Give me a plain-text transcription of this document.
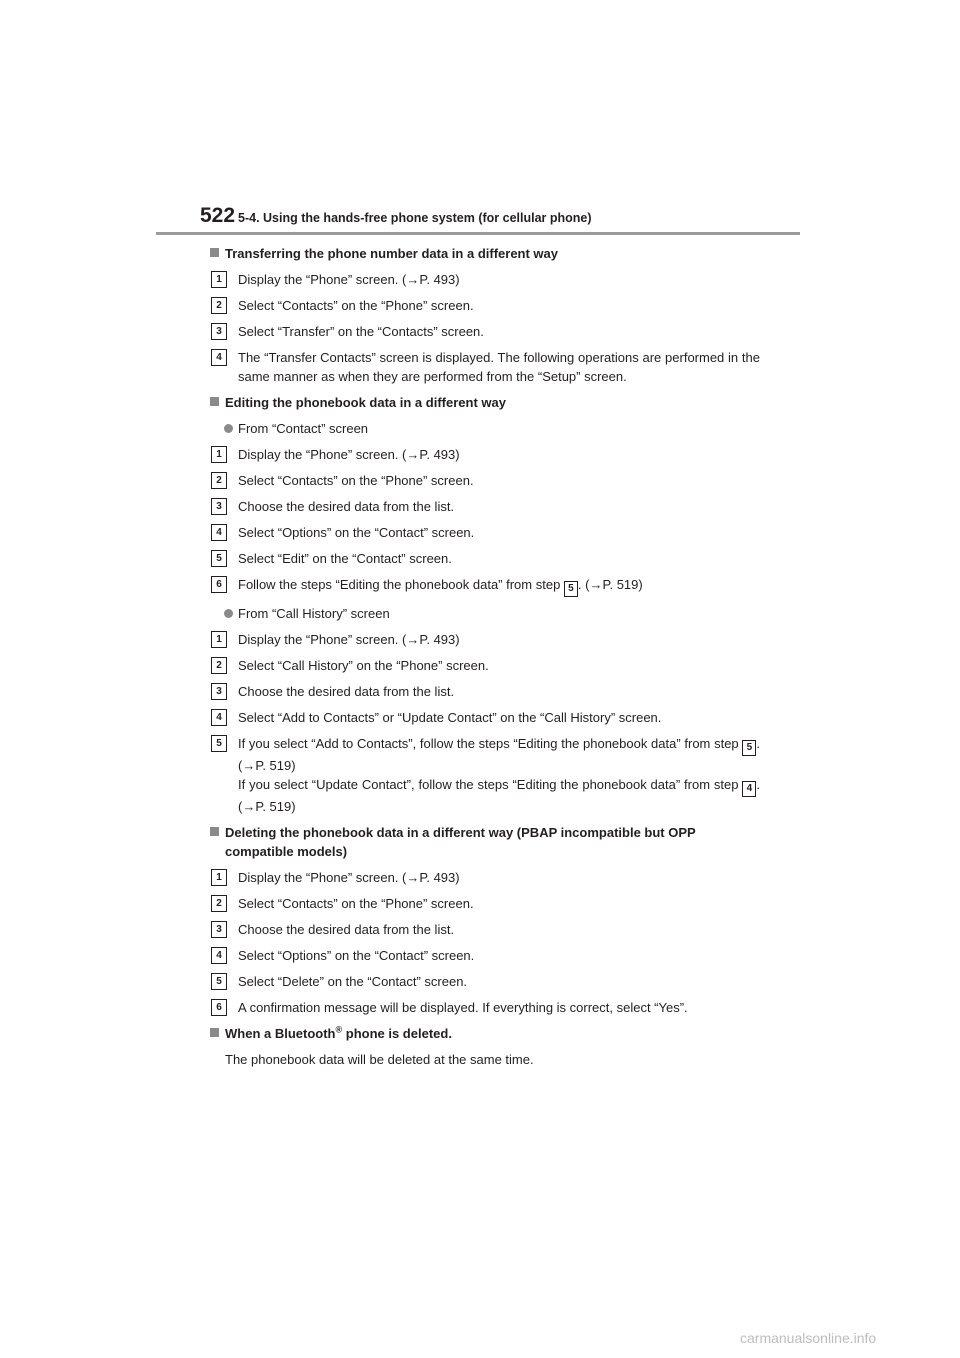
522 5-4. Using the hands-free phone system (for cellular phone)
Transferring the phone number data in a different way
1	Display the “Phone” screen. (→P. 493)
2	Select “Contacts” on the “Phone” screen.
3	Select “Transfer” on the “Contacts” screen.
4	The “Transfer Contacts” screen is displayed. The following operations are performed in the same manner as when they are performed from the “Setup” screen.
Editing the phonebook data in a different way
From “Contact” screen
1	Display the “Phone” screen. (→P. 493)
2	Select “Contacts” on the “Phone” screen.
3	Choose the desired data from the list.
4	Select “Options” on the “Contact” screen.
5	Select “Edit” on the “Contact” screen.
6	Follow the steps “Editing the phonebook data” from step 5 . (→P. 519)
From “Call History” screen
1	Display the “Phone” screen. (→P. 493)
2	Select “Call History” on the “Phone” screen.
3	Choose the desired data from the list.
4	Select “Add to Contacts” or “Update Contact” on the “Call History” screen.
5	If you select “Add to Contacts”, follow the steps “Editing the phonebook data” from step 5 . (→P. 519)
If you select “Update Contact”, follow the steps “Editing the phonebook data” from step 4 . (→P. 519)
Deleting the phonebook data in a different way (PBAP incompatible but OPP compatible models)
1	Display the “Phone” screen. (→P. 493)
2	Select “Contacts” on the “Phone” screen.
3	Choose the desired data from the list.
4	Select “Options” on the “Contact” screen.
5	Select “Delete” on the “Contact” screen.
6	A confirmation message will be displayed. If everything is correct, select “Yes”.
When a Bluetooth® phone is deleted.
The phonebook data will be deleted at the same time.
carmanualsonline.info
